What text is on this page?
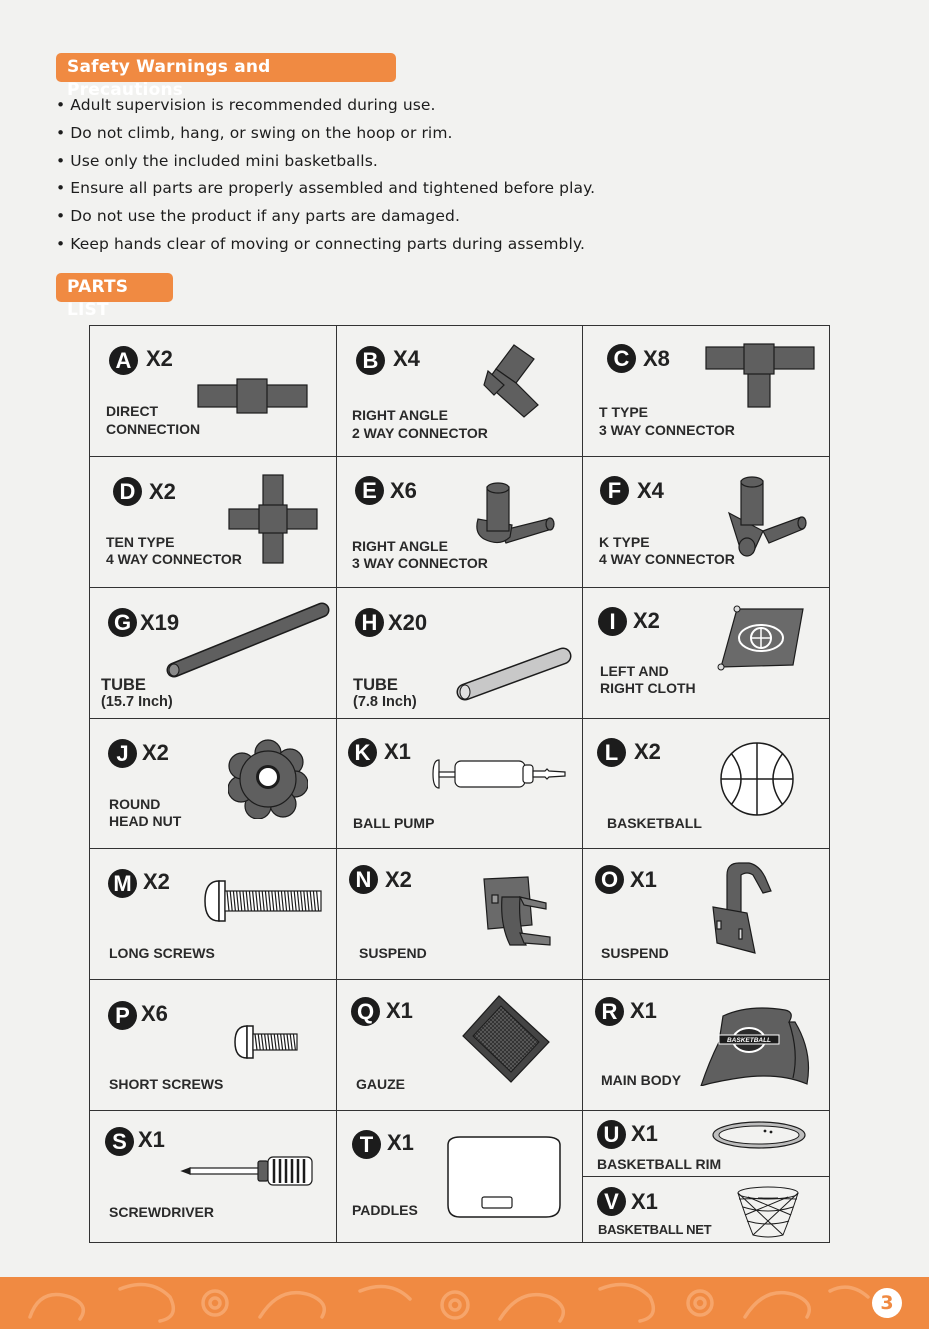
Safety Warnings and Precautions
• Adult supervision is recommended during use.
• Do not climb, hang, or swing on the hoop or rim.
• Use only the included mini basketballs.
• Ensure all parts are properly assembled and tightened before play.
• Do not use the product if any parts are damaged.
• Keep hands clear of moving or connecting parts during assembly.
PARTS LIST
A X2
DIRECT
CONNECTION
B X4
RIGHT ANGLE
2 WAY CONNECTOR
C X8
T TYPE
3 WAY CONNECTOR
D X2
TEN TYPE
4 WAY CONNECTOR
E X6
RIGHT ANGLE
3 WAY CONNECTOR
F X4
K TYPE
4 WAY CONNECTOR
G X19
TUBE
(15.7 Inch)
H X20
TUBE
(7.8 Inch)
I X2
LEFT AND
RIGHT CLOTH
J X2
ROUND
HEAD NUT
K X1
BALL PUMP
L X2
BASKETBALL
M X2
LONG SCREWS
N X2
SUSPEND
O X1
SUSPEND
P X6
SHORT SCREWS
Q X1
GAUZE
R X1
MAIN BODY
BASKETBALL
S X1
SCREWDRIVER
T X1
PADDLES
U X1
BASKETBALL RIM
V X1
BASKETBALL NET
3
